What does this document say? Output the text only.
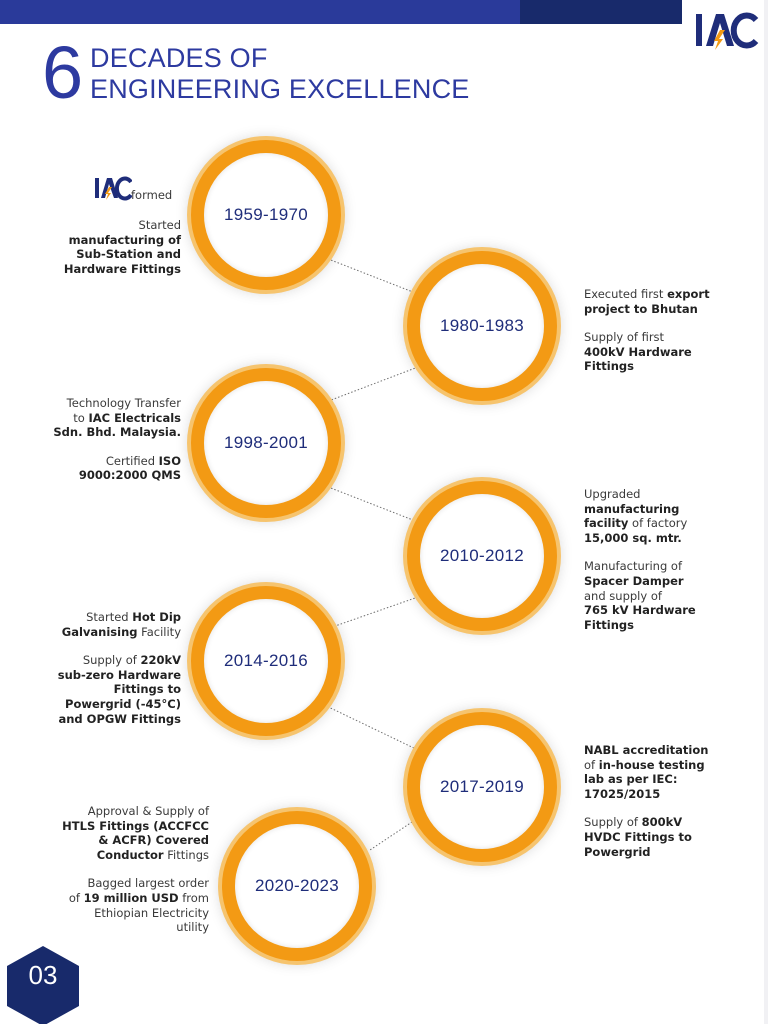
6 DECADES OF
ENGINEERING EXCELLENCE
1959-1970
formed
Started
manufacturing of
Sub-Station and
Hardware Fittings
1980-1983

Executed first export
project to Bhutan

Supply of first
400kV Hardware
Fittings

1998-2001

Technology Transfer
to IAC Electricals
Sdn. Bhd. Malaysia.

Certified ISO
9000:2000 QMS

2010-2012

Upgraded
manufacturing
facility of factory
15,000 sq. mtr.

Manufacturing of
Spacer Damper
and supply of
765 kV Hardware
Fittings

2014-2016

Started Hot Dip
Galvanising Facility

Supply of 220kV
sub-zero Hardware
Fittings to
Powergrid (-45°C)
and OPGW Fittings

2017-2019

NABL accreditation
of in-house testing
lab as per IEC:
17025/2015

Supply of 800kV
HVDC Fittings to
Powergrid

2020-2023

Approval & Supply of
HTLS Fittings (ACCFCC
& ACFR) Covered
Conductor Fittings

Bagged largest order
of 19 million USD from
Ethiopian Electricity
utility

03
